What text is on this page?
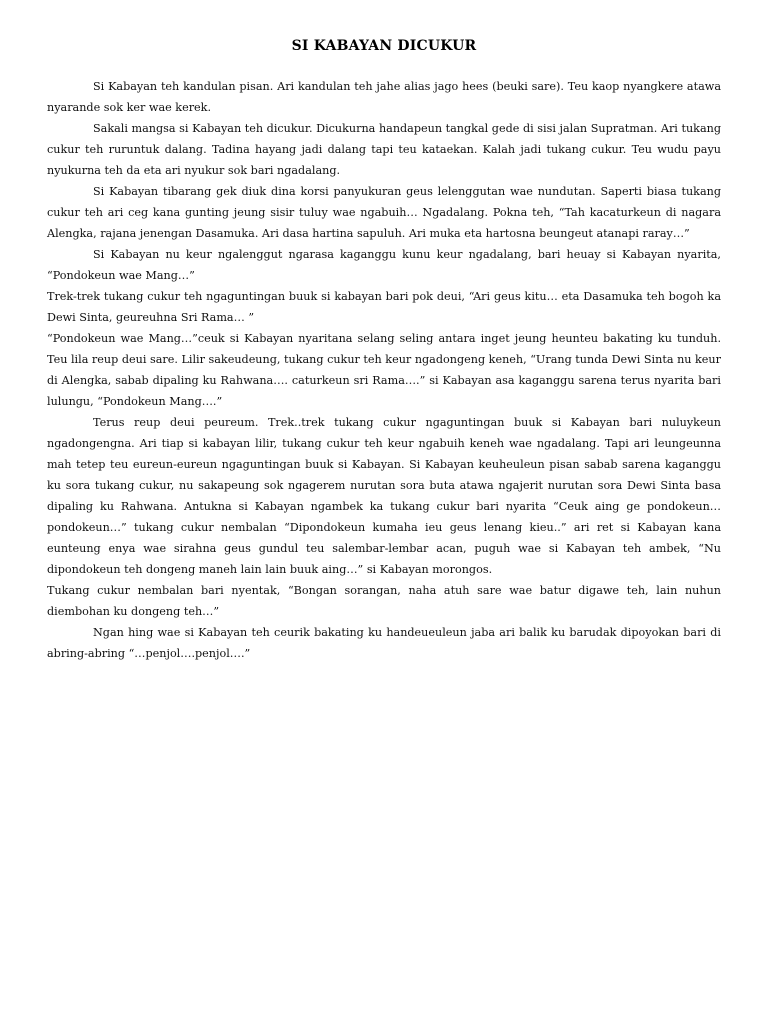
SI KABAYAN DICUKUR

Si Kabayan teh kandulan pisan. Ari kandulan teh jahe alias jago hees (beuki sare). Teu kaop nyangkere atawa nyarande sok ker wae kerek.

Sakali mangsa si Kabayan teh dicukur. Dicukurna handapeun tangkal gede di sisi jalan Supratman. Ari tukang cukur teh ruruntuk dalang. Tadina hayang jadi dalang tapi teu kataekan. Kalah jadi tukang cukur. Teu wudu payu nyukurna teh da eta ari nyukur sok bari ngadalang.

Si Kabayan tibarang gek diuk dina korsi panyukuran geus lelenggutan wae nundutan. Saperti biasa tukang cukur teh ari ceg kana gunting jeung sisir tuluy wae ngabuih… Ngadalang. Pokna teh, “Tah kacaturkeun di nagara Alengka, rajana jenengan Dasamuka. Ari dasa hartina sapuluh. Ari muka eta hartosna beungeut atanapi raray…”

Si Kabayan nu keur ngalenggut ngarasa kaganggu kunu keur ngadalang, bari heuay si Kabayan nyarita, “Pondokeun wae Mang…”

Trek-trek tukang cukur teh ngaguntingan buuk si kabayan bari pok deui, “Ari geus kitu… eta Dasamuka teh bogoh ka Dewi Sinta, geureuhna Sri Rama… ”

“Pondokeun wae Mang…”ceuk si Kabayan nyaritana selang seling antara inget jeung heunteu bakating ku tunduh. Teu lila reup deui sare. Lilir sakeudeung, tukang cukur teh keur ngadongeng keneh, “Urang tunda Dewi Sinta nu keur di Alengka, sabab dipaling ku Rahwana…. caturkeun sri Rama….” si Kabayan asa kaganggu sarena terus nyarita bari lulungu, “Pondokeun Mang….”

Terus reup deui peureum. Trek..trek tukang cukur ngaguntingan buuk si Kabayan bari nuluykeun ngadongengna. Ari tiap si kabayan lilir, tukang cukur teh keur ngabuih keneh wae ngadalang. Tapi ari leungeunna mah tetep teu eureun-eureun ngaguntingan buuk si Kabayan. Si Kabayan keuheuleun pisan sabab sarena kaganggu ku sora tukang cukur, nu sakapeung sok ngagerem nurutan sora buta atawa ngajerit nurutan sora Dewi Sinta basa dipaling ku Rahwana. Antukna si Kabayan ngambek ka tukang cukur bari nyarita “Ceuk aing ge pondokeun…pondokeun…” tukang cukur nembalan “Dipondokeun kumaha ieu geus lenang kieu..” ari ret si Kabayan kana eunteung enya wae sirahna geus gundul teu salembar-lembar acan, puguh wae si Kabayan teh ambek, “Nu dipondokeun teh dongeng maneh lain lain buuk aing…” si Kabayan morongos.

Tukang cukur nembalan bari nyentak, “Bongan sorangan, naha atuh sare wae batur digawe teh, lain nuhun diembohan ku dongeng teh…”

Ngan hing wae si Kabayan teh ceurik bakating ku handeueuleun jaba ari balik ku barudak dipoyokan bari di abring-abring “…penjol….penjol….”
